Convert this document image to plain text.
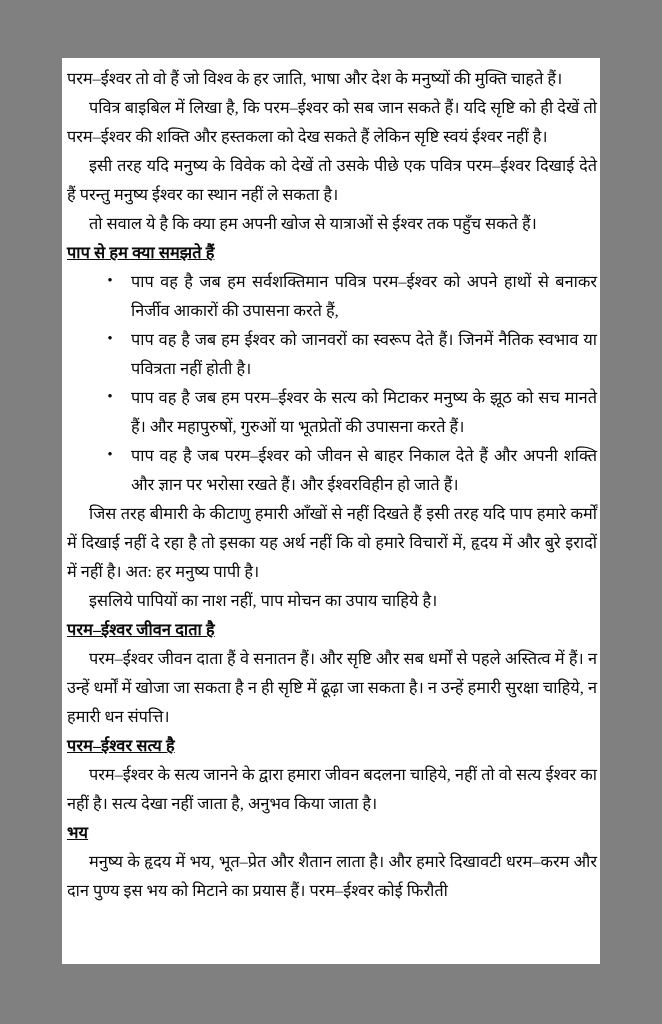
परम–ईश्वर तो वो हैं जो विश्व के हर जाति, भाषा और देश के मनुष्यों की मुक्ति चाहते हैं।

पवित्र बाइबिल में लिखा है, कि परम–ईश्वर को सब जान सकते हैं। यदि सृष्टि को ही देखें तो परम–ईश्वर की शक्ति और हस्तकला को देख सकते हैं लेकिन सृष्टि स्वयं ईश्वर नहीं है।

इसी तरह यदि मनुष्य के विवेक को देखें तो उसके पीछे एक पवित्र परम–ईश्वर दिखाई देते हैं परन्तु मनुष्य ईश्वर का स्थान नहीं ले सकता है।

तो सवाल ये है कि क्या हम अपनी खोज से यात्राओं से ईश्वर तक पहुँच सकते हैं।

पाप से हम क्या समझते हैं
• पाप वह है जब हम सर्वशक्तिमान पवित्र परम–ईश्वर को अपने हाथों से बनाकर निर्जीव आकारों की उपासना करते हैं,
• पाप वह है जब हम ईश्वर को जानवरों का स्वरूप देते हैं। जिनमें नैतिक स्वभाव या पवित्रता नहीं होती है।
• पाप वह है जब हम परम–ईश्वर के सत्य को मिटाकर मनुष्य के झूठ को सच मानते हैं। और महापुरुषों, गुरुओं या भूतप्रेतों की उपासना करते हैं।
• पाप वह है जब परम–ईश्वर को जीवन से बाहर निकाल देते हैं और अपनी शक्ति और ज्ञान पर भरोसा रखते हैं। और ईश्वरविहीन हो जाते हैं।

जिस तरह बीमारी के कीटाणु हमारी आँखों से नहीं दिखते हैं इसी तरह यदि पाप हमारे कर्मों में दिखाई नहीं दे रहा है तो इसका यह अर्थ नहीं कि वो हमारे विचारों में, हृदय में और बुरे इरादों में नहीं है। अत: हर मनुष्य पापी है।

इसलिये पापियों का नाश नहीं, पाप मोचन का उपाय चाहिये है।

परम–ईश्वर जीवन दाता है

परम–ईश्वर जीवन दाता हैं वे सनातन हैं। और सृष्टि और सब धर्मों से पहले अस्तित्व में हैं। न उन्हें धर्मों में खोजा जा सकता है न ही सृष्टि में ढूढ़ा जा सकता है। न उन्हें हमारी सुरक्षा चाहिये, न हमारी धन संपत्ति।

परम–ईश्वर सत्य है

परम–ईश्वर के सत्य जानने के द्वारा हमारा जीवन बदलना चाहिये, नहीं तो वो सत्य ईश्वर का नहीं है। सत्य देखा नहीं जाता है, अनुभव किया जाता है।

भय

मनुष्य के हृदय में भय, भूत–प्रेत और शैतान लाता है। और हमारे दिखावटी धरम–करम और दान पुण्य इस भय को मिटाने का प्रयास हैं। परम–ईश्वर कोई फिरौती
